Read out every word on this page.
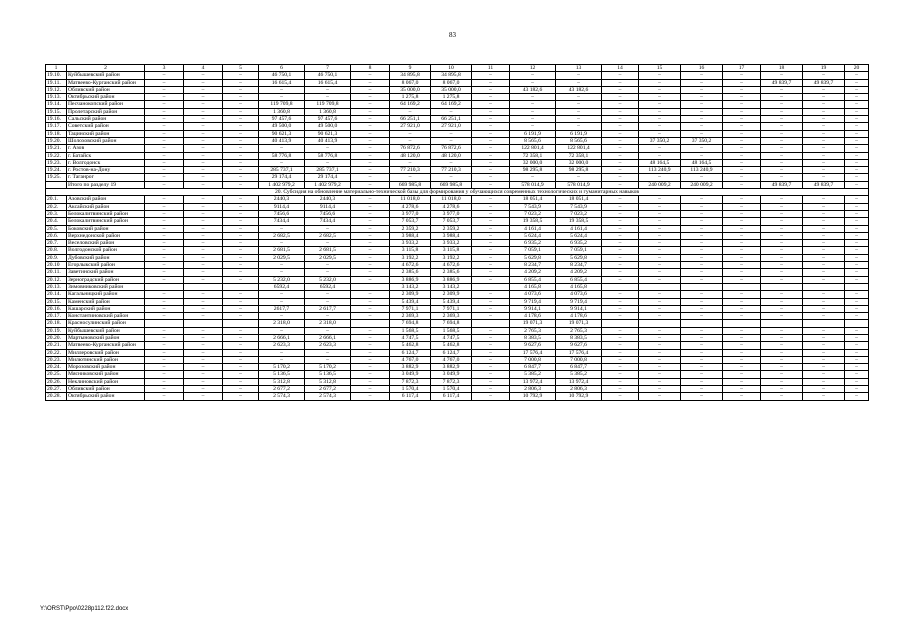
83
1	2	3	4	5	6	7	8	9	10	11	12	13	14	15	16	17	18	19	20
19.10.	Куйбышевский район	–	–	–	46 750,1	46 750,1	–	34 895,8	34 895,8	–	–	–	–	–	–	–	–	–	–
19.11.	Матвеево-Курганский район	–	–	–	16 615,4	16 615,4	–	8 067,0	8 067,0	–	–	–	–	–	–	–	49 839,7	49 839,7	–
19.12.	Обливский район	–	–	–	–	–	–	35 000,0	35 000,0	–	43 182,6	43 182,6	–	–	–	–	–	–	–
19.13.	Октябрьский район	–	–	–	–	–	–	1 275,8	1 275,8	–	–	–	–	–	–	–	–	–	–
19.14.	Песчанокопский район	–	–	–	119 709,8	119 709,8	–	64 169,2	64 169,2	–	–	–	–	–	–	–	–	–	–
19.15.	Пролетарский район	–	–	–	1 360,8	1 360,8	–	–	–	–	–	–	–	–	–	–	–	–	–
19.16.	Сальский район	–	–	–	97 457,6	97 457,6	–	66 251,1	66 251,1	–	–	–	–	–	–	–	–	–	–
19.17.	Советский район	–	–	–	49 500,0	49 500,0	–	27 921,0	27 921,0	–	–	–	–	–	–	–	–	–	–
19.18.	Тацинский район	–	–	–	90 621,3	90 621,3	–	–	–	–	6 191,9	6 191,9	–	–	–	–	–	–	–
19.20.	Шолоховский район	–	–	–	40 413,9	40 413,9	–	–	–	–	8 565,6	8 565,6	–	37 350,2	37 350,2	–	–	–	–
19.21.	г. Азов	–	–	–	–	–	–	76 872,6	76 872,6	–	122 801,4	122 801,4	–	–	–	–	–	–	–
19.22.	г. Батайск	–	–	–	58 776,8	58 776,8	–	48 120,0	48 120,0	–	72 358,1	72 358,1	–	–	–	–	–	–	–
19.23.	г. Волгодонск	–	–	–	–	–	–	–	–	–	32 000,0	32 000,0	–	48 164,5	48 164,5	–	–	–	–
19.24.	г. Ростов-на-Дону	–	–	–	285 737,1	285 737,1	–	77 210,3	77 210,3	–	98 295,8	98 295,8	–	113 240,9	113 240,9	–	–	–	–
19.25.	г. Таганрог	–	–	–	29 174,4	29 174,4	–	–	–	–	–	–	–	–	–	–	–	–	–
	Итого по разделу 19	–	–	–	1 402 979,2	1 402 979,2	–	669 985,8	669 985,8	–	578 014,9	578 014,9	–	240 009,2	240 009,2	–	49 839,7	49 839,7	–
20. Субсидия на обновление материально-технической базы для формирования у обучающихся современных технологических и гуманитарных навыков																			
20.1.	Азовский район	–	–	–	2440,3	2440,3	–	11 018,0	11 018,0	–	18 051,4	18 051,4	–	–	–	–	–	–	–
20.2.	Аксайский район	–	–	–	9114,4	9114,4	–	4 278,6	4 278,6	–	7 543,9	7 543,9	–	–	–	–	–	–	–
20.3.	Белокалитвинский район	–	–	–	7456,6	7456,6	–	3 977,0	3 977,0	–	7 023,2	7 023,2	–	–	–	–	–	–	–
20.4.	Белокалитвинский район	–	–	–	7434,4	7434,4	–	7 053,7	7 053,7	–	19 358,5	19 358,5	–	–	–	–	–	–	–
20.5.	Боковский район	–	–	–	–	–	–	2 359,2	2 359,2	–	4 161,4	4 161,4	–	–	–	–	–	–	–
20.6.	Верхнедонской район	–	–	–	2 682,5	2 682,5	–	3 988,4	3 988,4	–	5 624,4	5 624,4	–	–	–	–	–	–	–
20.7.	Веселовский район	–	–	–	–	–	–	3 933,2	3 933,2	–	6 935,2	6 935,2	–	–	–	–	–	–	–
20.8.	Волгодонской район	–	–	–	2 681,5	2 681,5	–	3 115,8	3 115,8	–	7 059,1	7 059,1	–	–	–	–	–	–	–
20.9.	Дубовский район	–	–	–	2 029,5	2 029,5	–	3 192,2	3 192,2	–	5 629,8	5 629,8	–	–	–	–	–	–	–
20.10	Егорлыкский район	–	–	–	–	–	–	4 672,6	4 672,6	–	8 234,7	8 234,7	–	–	–	–	–	–	–
20.11.	Заветинский район	–	–	–	–	–	–	2 385,6	2 385,6	–	4 209,2	4 209,2	–	–	–	–	–	–	–
20.12.	Зерноградский район	–	–	–	5 232,0	5 232,0	–	3 886,9	3 886,9	–	6 855,4	6 855,4	–	–	–	–	–	–	–
20.13.	Зимовниковский район				6592,4	6592,4		3 143,2	3 143,2		4 165,8	4 165,8							
20.14.	Кагальницкий район	–	–	–	–	–	–	2 309,9	2 309,9	–	4 073,6	4 073,6	–	–	–	–	–	–	–
20.15.	Каменский район	–	–	–	–	–	–	5 439,4	5 439,4	–	9 719,4	9 719,4	–	–	–	–	–	–	–
20.16.	Кашарский район	–	–	–	2617,7	2 617,7	–	7 971,1	7 971,1	–	9 914,1	9 914,1	–	–	–	–	–	–	–
20.17.	Константиновский район	–	–	–	–	–	–	2 369,3	2 369,3	–	4 178,6	4 178,6	–	–	–	–	–	–	–
20.18.	Красносулинский район				2 318,0	2 318,0		7 694,8	7 694,8		19 071,3	19 071,3							
20.19.	Куйбышевский район	–	–	–	–	–	–	1 568,5	1 568,5	–	2 765,3	2 765,3	–	–	–	–	–	–	–
20.20.	Мартыновский район	–	–	–	2 666,1	2 666,1	–	4 747,5	4 747,5	–	8 383,5	8 383,5	–	–	–	–	–	–	–
20.21.	Матвеево-Курганский район	–	–	–	2 623,3	2 623,3	–	5 462,8	5 462,8	–	9 627,6	9 627,6	–	–	–	–	–	–	–
20.22.	Миллеровский район	–	–	–	–	–	–	6 124,7	6 124,7	–	17 576,4	17 576,4	–	–	–	–	–	–	–
20.23.	Милютинский район	–	–	–	–	–	–	4 767,0	4 767,0	–	7 000,8	7 000,8	–	–	–	–	–	–	–
20.24.	Морозовский район	–	–	–	5 170,2	5 170,2	–	3 882,9	3 882,9	–	6 847,7	6 847,7	–	–	–	–	–	–	–
20.25.	Мясниковский район	–	–	–	5 136,5	5 136,5	–	3 049,9	3 049,9	–	5 385,2	5 385,2	–	–	–	–	–	–	–
20.26.	Неклиновский район	–	–	–	5 312,8	5 312,8	–	7 872,3	7 872,3	–	13 972,4	13 972,4	–	–	–	–	–	–	–
20.27.	Обливский район	–	–	–	2 677,2	2 677,2	–	1 570,4	1 570,4	–	2 806,3	2 806,3	–	–	–	–	–	–	–
20.28.	Октябрьский район	–	–	–	2 574,3	2 574,3	–	6 117,4	6 117,4	–	10 792,9	10 792,9	–	–	–	–	–	–	–
Y:\ORST\Ppo\0228p112.f22.docx
